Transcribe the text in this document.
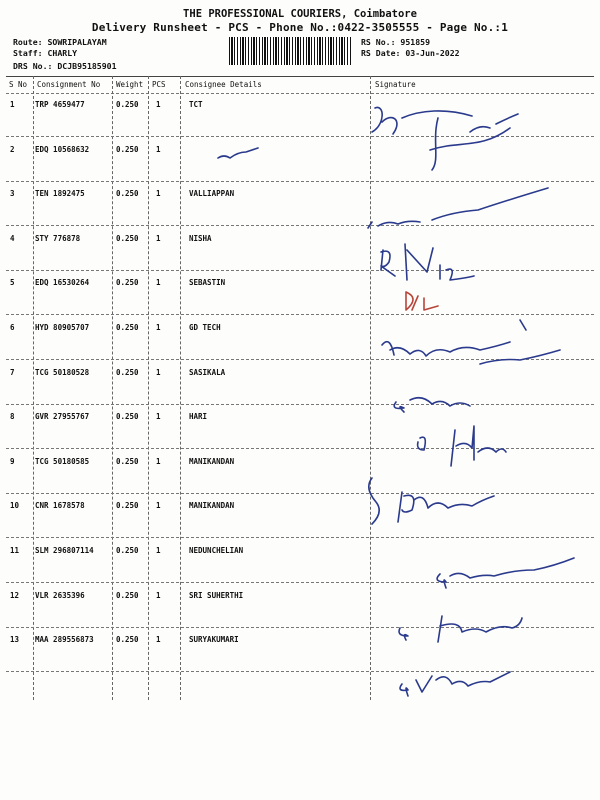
THE PROFESSIONAL COURIERS, Coimbatore
Delivery Runsheet - PCS - Phone No.:0422-3505555 - Page No.:1
Route: SOWRIPALAYAM
Staff: CHARLY
DRS No.: DCJB95185901
RS No.: 951859
RS Date: 03-Jun-2022
S No Consignment No Weight PCS	Consignee Details	Signature
1	TRP 4659477	0.250 1	TCT
2	EDQ 10568632	0.250 1
3	TEN 1892475	0.250 1	VALLIAPPAN
4	STY 776878	0.250 1	NISHA
5	EDQ 16530264	0.250 1	SEBASTIN
6	HYD 80905707	0.250 1	GD TECH
7	TCG 50180528	0.250 1	SASIKALA
8	GVR 27955767	0.250 1	HARI
9	TCG 50180585	0.250 1	MANIKANDAN
10 CNR 1678578	0.250 1	MANIKANDAN
11 SLM 296807114	0.250 1	NEDUNCHELIAN
12 VLR 2635396	0.250 1	SRI SUHERTHI
13 MAA 289556873	0.250 1	SURYAKUMARI
